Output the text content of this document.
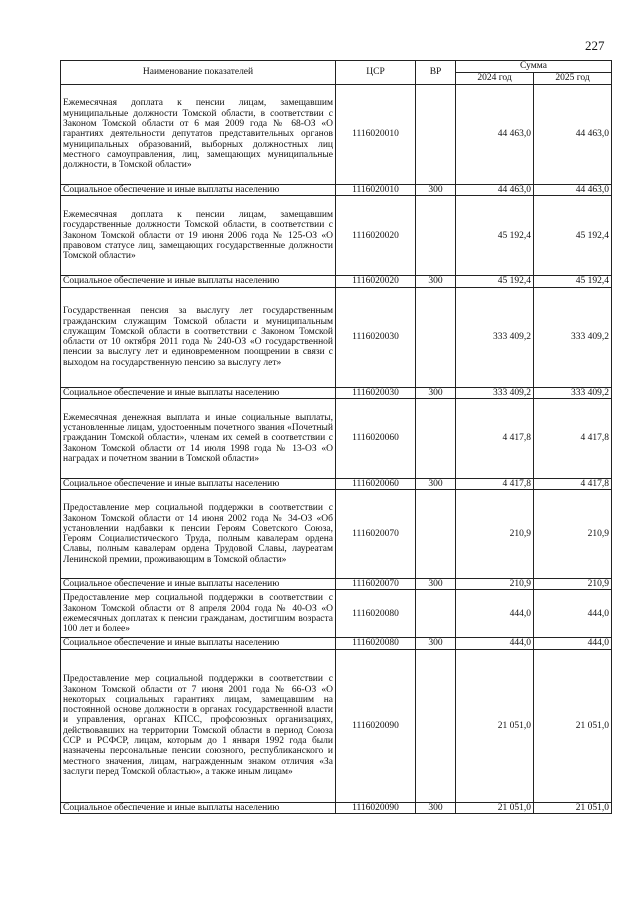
227
Наименование показателей	ЦСР	ВР	Сумма	
			2024 год	2025 год
Ежемесячная доплата к пенсии лицам, замещавшим муниципальные должности Томской области, в соответствии с Законом Томской области от 6 мая 2009 года № 68-ОЗ «О гарантиях деятельности депутатов представительных органов муниципальных образований, выборных должностных лиц местного самоуправления, лиц, замещающих муниципальные должности, в Томской области»	1116020010		44 463,0	44 463,0
Социальное обеспечение и иные выплаты населению	1116020010	300	44 463,0	44 463,0
Ежемесячная доплата к пенсии лицам, замещавшим государственные должности Томской области, в соответствии с Законом Томской области от 19 июня 2006 года № 125-ОЗ «О правовом статусе лиц, замещающих государственные должности Томской области»	1116020020		45 192,4	45 192,4
Социальное обеспечение и иные выплаты населению	1116020020	300	45 192,4	45 192,4
Государственная пенсия за выслугу лет государственным гражданским служащим Томской области и муниципальным служащим Томской области в соответствии с Законом Томской области от 10 октября 2011 года № 240-ОЗ «О государственной пенсии за выслугу лет и единовременном поощрении в связи с выходом на государственную пенсию за выслугу лет»	1116020030		333 409,2	333 409,2
Социальное обеспечение и иные выплаты населению	1116020030	300	333 409,2	333 409,2
Ежемесячная денежная выплата и иные социальные выплаты, установленные лицам, удостоенным почетного звания «Почетный гражданин Томской области», членам их семей в соответствии с Законом Томской области от 14 июля 1998 года № 13-ОЗ «О наградах и почетном звании в Томской области»	1116020060		4 417,8	4 417,8
Социальное обеспечение и иные выплаты населению	1116020060	300	4 417,8	4 417,8
Предоставление мер социальной поддержки в соответствии с Законом Томской области от 14 июня 2002 года № 34-ОЗ «Об установлении надбавки к пенсии Героям Советского Союза, Героям Социалистического Труда, полным кавалерам ордена Славы, полным кавалерам ордена Трудовой Славы, лауреатам Ленинской премии, проживающим в Томской области»	1116020070		210,9	210,9
Социальное обеспечение и иные выплаты населению	1116020070	300	210,9	210,9
Предоставление мер социальной поддержки в соответствии с Законом Томской области от 8 апреля 2004 года № 40-ОЗ «О ежемесячных доплатах к пенсии гражданам, достигшим возраста 100 лет и более»	1116020080		444,0	444,0
Социальное обеспечение и иные выплаты населению	1116020080	300	444,0	444,0
Предоставление мер социальной поддержки в соответствии с Законом Томской области от 7 июня 2001 года № 66-ОЗ «О некоторых социальных гарантиях лицам, замещавшим на постоянной основе должности в органах государственной власти и управления, органах КПСС, профсоюзных организациях, действовавших на территории Томской области в период Союза ССР и РСФСР, лицам, которым до 1 января 1992 года были назначены персональные пенсии союзного, республиканского и местного значения, лицам, награжденным знаком отличия «За заслуги перед Томской областью», а также иным лицам»	1116020090		21 051,0	21 051,0
Социальное обеспечение и иные выплаты населению	1116020090	300	21 051,0	21 051,0
